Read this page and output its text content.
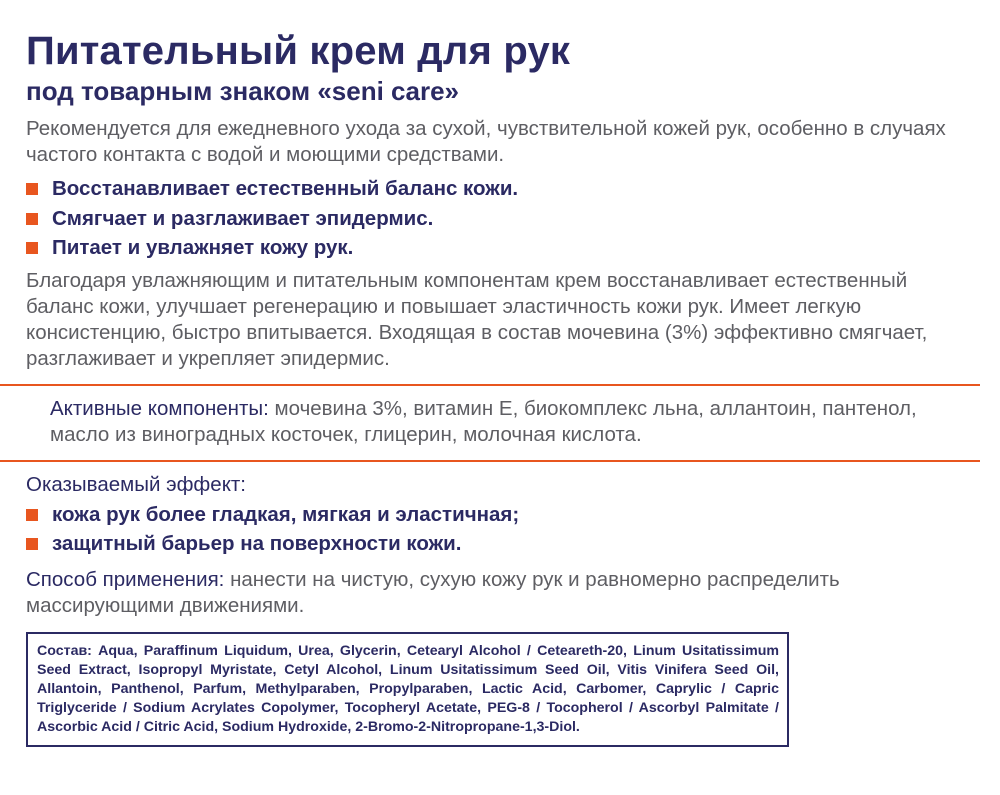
Питательный крем для рук
под товарным знаком «seni care»

Рекомендуется для ежедневного ухода за сухой, чувствительной кожей рук, особенно в случаях частого контакта с водой и моющими средствами.

Восстанавливает естественный баланс кожи.
Смягчает и разглаживает эпидермис.
Питает и увлажняет кожу рук.

Благодаря увлажняющим и питательным компонентам крем восстанавливает естественный баланс кожи, улучшает регенерацию и повышает эластичность кожи рук. Имеет легкую консистенцию, быстро впитывается. Входящая в состав мочевина (3%) эффективно смягчает, разглаживает и укрепляет эпидермис.

Активные компоненты: мочевина 3%, витамин Е, биокомплекс льна, аллантоин, пантенол, масло из виноградных косточек, глицерин, молочная кислота.

Оказываемый эффект:

кожа рук более гладкая, мягкая и эластичная;
защитный барьер на поверхности кожи.

Способ применения: нанести на чистую, сухую кожу рук и равномерно распределить массирующими движениями.

Состав: Aqua, Paraffinum Liquidum, Urea, Glycerin, Cetearyl Alcohol / Ceteareth-20, Linum Usitatissimum Seed Extract, Isopropyl Myristate, Cetyl Alcohol, Linum Usitatissimum Seed Oil, Vitis Vinifera Seed Oil, Allantoin, Panthenol, Parfum, Methylparaben, Propylparaben, Lactic Acid, Carbomer, Caprylic / Capric Triglyceride / Sodium Acrylates Copolymer, Tocopheryl Acetate, PEG-8 / Tocopherol / Ascorbyl Palmitate / Ascorbic Acid / Citric Acid, Sodium Hydroxide, 2-Bromo-2-Nitropropane-1,3-Diol.
